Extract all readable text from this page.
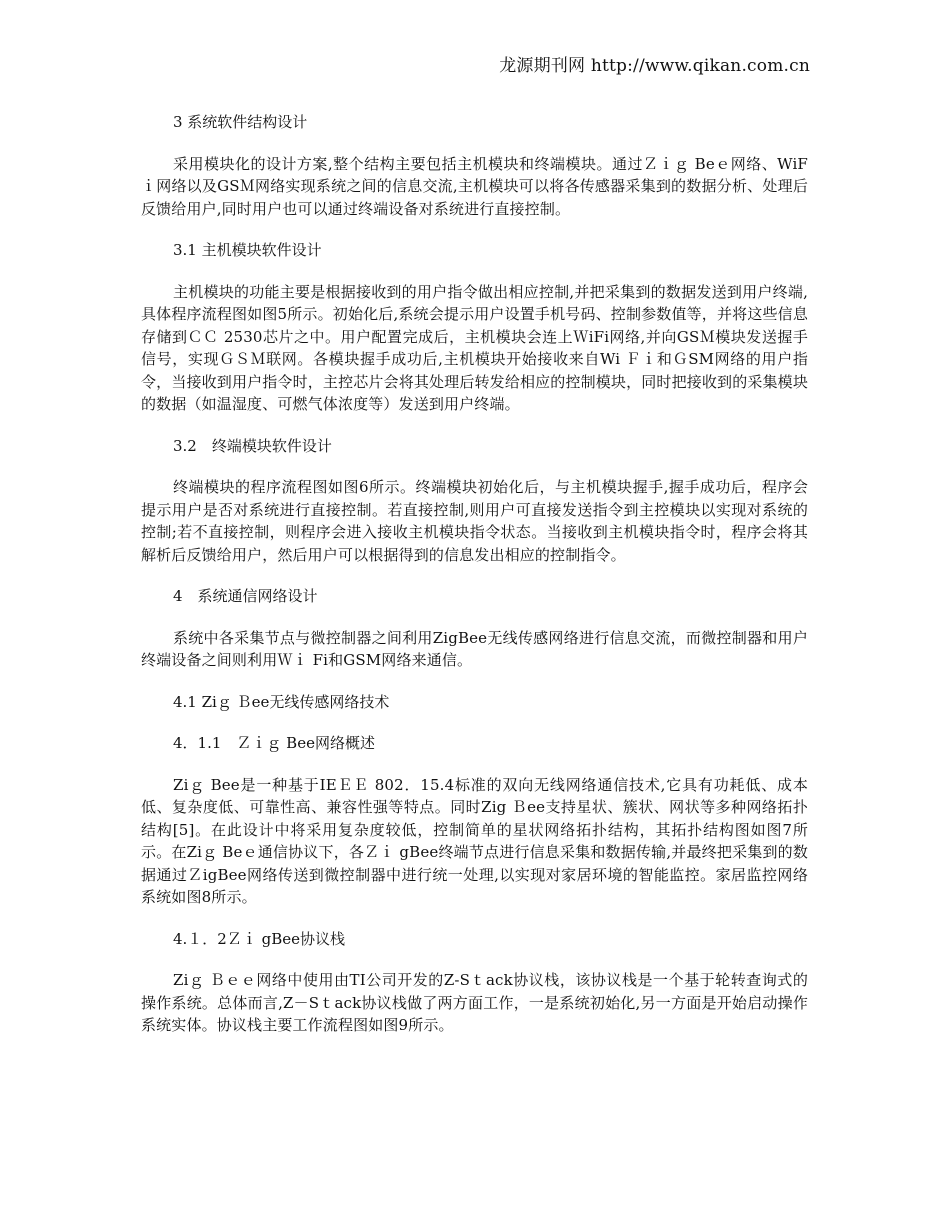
龙源期刊网 http://www.qikan.com.cn
3 系统软件结构设计
采用模块化的设计方案,整个结构主要包括主机模块和终端模块。通过Ｚｉｇ Beｅ网络、WiFｉ网络以及GSＭ网络实现系统之间的信息交流,主机模块可以将各传感器采集到的数据分析、处理后反馈给用户,同时用户也可以通过终端设备对系统进行直接控制。
3.1 主机模块软件设计
主机模块的功能主要是根据接收到的用户指令做出相应控制,并把采集到的数据发送到用户终端,具体程序流程图如图5所示。初始化后,系统会提示用户设置手机号码、控制参数值等，并将这些信息存储到ＣＣ 2530芯片之中。用户配置完成后，主机模块会连上ＷiFi网络,并向GSＭ模块发送握手信号，实现ＧＳＭ联网。各模块握手成功后,主机模块开始接收来自Wi Ｆｉ和ＧSM网络的用户指令，当接收到用户指令时，主控芯片会将其处理后转发给相应的控制模块，同时把接收到的采集模块的数据（如温湿度、可燃气体浓度等）发送到用户终端。
3.2　终端模块软件设计
终端模块的程序流程图如图6所示。终端模块初始化后，与主机模块握手,握手成功后，程序会提示用户是否对系统进行直接控制。若直接控制,则用户可直接发送指令到主控模块以实现对系统的控制;若不直接控制，则程序会进入接收主机模块指令状态。当接收到主机模块指令时，程序会将其解析后反馈给用户，然后用户可以根据得到的信息发出相应的控制指令。
4　系统通信网络设计
系统中各采集节点与微控制器之间利用ZigBee无线传感网络进行信息交流，而微控制器和用户终端设备之间则利用Ｗｉ Fi和GSM网络来通信。
4.1 Ziｇ Ｂee无线传感网络技术
4．1.1　Ｚｉｇ Bee网络概述
Ziｇ Bee是一种基于IEＥＥ 802．15.4标准的双向无线网络通信技术,它具有功耗低、成本低、复杂度低、可靠性高、兼容性强等特点。同时Zig Ｂee支持星状、簇状、网状等多种网络拓扑结构[5]。在此设计中将采用复杂度较低，控制简单的星状网络拓扑结构，其拓扑结构图如图7所示。在Ziｇ Beｅ通信协议下，各Ｚｉ gBee终端节点进行信息采集和数据传输,并最终把采集到的数据通过ＺigBee网络传送到微控制器中进行统一处理,以实现对家居环境的智能监控。家居监控网络系统如图8所示。
4.１．2Ｚｉ gBee协议栈
Ziｇ Ｂｅｅ网络中使用由TI公司开发的Z-Sｔack协议栈，该协议栈是一个基于轮转查询式的操作系统。总体而言,Z－Sｔack协议栈做了两方面工作，一是系统初始化,另一方面是开始启动操作系统实体。协议栈主要工作流程图如图9所示。
